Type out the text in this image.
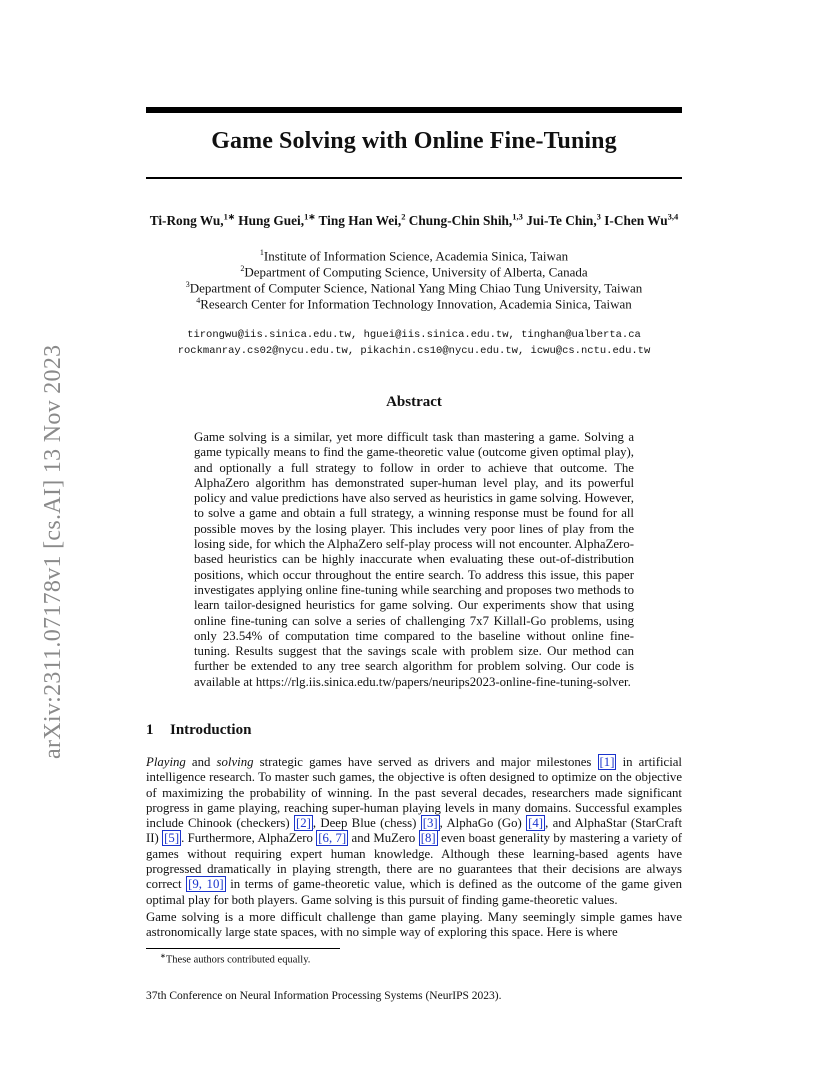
arXiv:2311.07178v1 [cs.AI] 13 Nov 2023
Game Solving with Online Fine-Tuning
Ti-Rong Wu,$^{1∗}$ Hung Guei,$^{1∗}$ Ting Han Wei,$^2$ Chung-Chin Shih,$^{1,3}$ Jui-Te Chin,$^3$ I-Chen Wu$^{3,4}$
$^1$Institute of Information Science, Academia Sinica, Taiwan
$^2$Department of Computing Science, University of Alberta, Canada
$^3$Department of Computer Science, National Yang Ming Chiao Tung University, Taiwan
$^4$Research Center for Information Technology Innovation, Academia Sinica, Taiwan
tirongwu@iis.sinica.edu.tw, hguei@iis.sinica.edu.tw, tinghan@ualberta.ca
rockmanray.cs02@nycu.edu.tw, pikachin.cs10@nycu.edu.tw, icwu@cs.nctu.edu.tw
Abstract
Game solving is a similar, yet more difficult task than mastering a game. Solving a game typically means to find the game-theoretic value (outcome given optimal play), and optionally a full strategy to follow in order to achieve that outcome. The AlphaZero algorithm has demonstrated super-human level play, and its powerful policy and value predictions have also served as heuristics in game solving. However, to solve a game and obtain a full strategy, a winning response must be found for all possible moves by the losing player. This includes very poor lines of play from the losing side, for which the AlphaZero self-play process will not encounter. AlphaZero-based heuristics can be highly inaccurate when evaluating these out-of-distribution positions, which occur throughout the entire search. To address this issue, this paper investigates applying online fine-tuning while searching and proposes two methods to learn tailor-designed heuristics for game solving. Our experiments show that using online fine-tuning can solve a series of challenging 7x7 Killall-Go problems, using only 23.54% of computation time compared to the baseline without online fine-tuning. Results suggest that the savings scale with problem size. Our method can further be extended to any tree search algorithm for problem solving. Our code is available at https://rlg.iis.sinica.edu.tw/papers/neurips2023-online-fine-tuning-solver.
1 Introduction
Playing and solving strategic games have served as drivers and major milestones [1] in artificial intelligence research. To master such games, the objective is often designed to optimize on the objective of maximizing the probability of winning. In the past several decades, researchers made significant progress in game playing, reaching super-human playing levels in many domains. Successful examples include Chinook (checkers) [2] , Deep Blue (chess) [3] , AlphaGo (Go) [4] , and AlphaStar (StarCraft II) [5] . Furthermore, AlphaZero [6, 7] and MuZero [8] even boast generality by mastering a variety of games without requiring expert human knowledge. Although these learning-based agents have progressed dramatically in playing strength, there are no guarantees that their decisions are always correct [9, 10] in terms of game-theoretic value, which is defined as the outcome of the game given optimal play for both players. Game solving is this pursuit of finding game-theoretic values.
Game solving is a more difficult challenge than game playing. Many seemingly simple games have astronomically large state spaces, with no simple way of exploring this space. Here is where
∗These authors contributed equally.
37th Conference on Neural Information Processing Systems (NeurIPS 2023).
